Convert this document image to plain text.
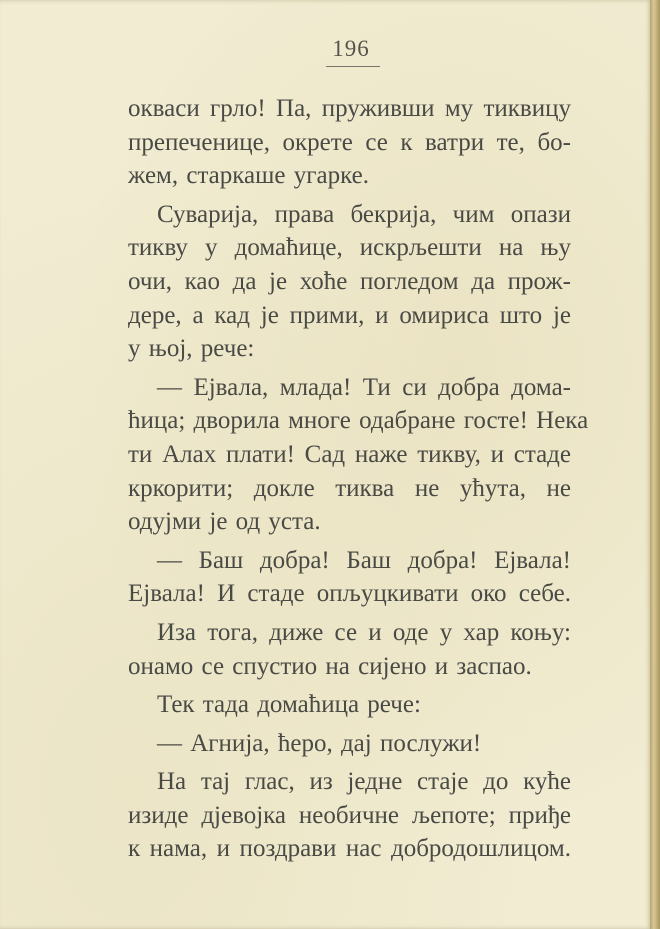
196
окваси грло! Па, пруживши му тиквицу
препеченице, окрете се к ватри те, бо-
жем, старкаше угарке.
Суварија, права бекрија, чим опази
тикву у домаћице, искрљешти на њу
очи, као да је хоће погледом да прож-
дере, а кад је прими, и омириса што је
у њој, рече:
— Ејвала, млада! Ти си добра дома-
ћица; дворила многе одабране госте! Нека
ти Алах плати! Сад наже тикву, и стаде
кркорити; докле тиква не ућута, не
одујми је од уста.
— Баш добра! Баш добра! Ејвала!
Ејвала! И стаде опљуцкивати око себе.
Иза тога, диже се и оде у хар коњу:
онамо се спустио на сијено и заспао.
Тек тада домаћица рече:
— Агнија, ћеро, дај послужи!
На тај глас, из једне стаје до куће
изиде дјевојка необичне љепоте; приђе
к нама, и поздрави нас добродошлицом.
